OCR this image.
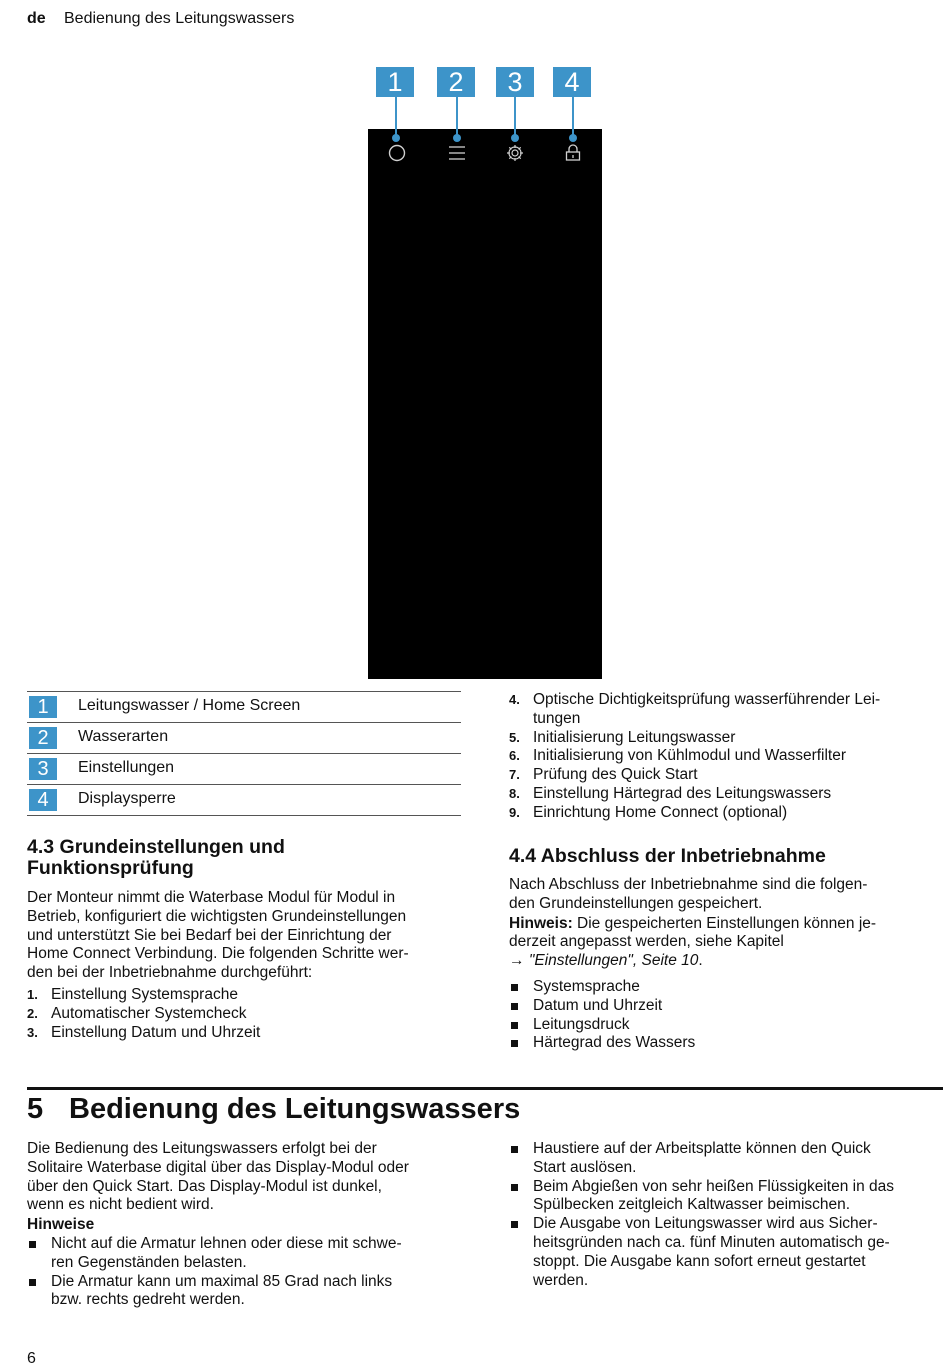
de Bedienung des Leitungswassers
1	2	3	4
1	Leitungswasser / Home Screen
2	Wasserarten
3	Einstellungen
4	Displaysperre
4.3 Grundeinstellungen und
Funktionsprüfung

Der Monteur nimmt die Waterbase Modul für Modul in
Betrieb, konfiguriert die wichtigsten Grundeinstellungen
und unterstützt Sie bei Bedarf bei der Einrichtung der
Home Connect Verbindung. Die folgenden Schritte wer-
den bei der Inbetriebnahme durchgeführt:

1. Einstellung Systemsprache
2. Automatischer Systemcheck
3. Einstellung Datum und Uhrzeit
4. Optische Dichtigkeitsprüfung wasserführender Lei-
tungen
5. Initialisierung Leitungswasser
6. Initialisierung von Kühlmodul und Wasserfilter
7. Prüfung des Quick Start
8. Einstellung Härtegrad des Leitungswassers
9. Einrichtung Home Connect (optional)
4.4 Abschluss der Inbetriebnahme

Nach Abschluss der Inbetriebnahme sind die folgen-
den Grundeinstellungen gespeichert.

Hinweis: Die gespeicherten Einstellungen können je-
derzeit angepasst werden, siehe Kapitel
→ "Einstellungen", Seite 10.

Systemsprache
Datum und Uhrzeit
Leitungsdruck
Härtegrad des Wassers
5 Bedienung des Leitungswassers

Die Bedienung des Leitungswassers erfolgt bei der
Solitaire Waterbase digital über das Display-Modul oder
über den Quick Start. Das Display-Modul ist dunkel,
wenn es nicht bedient wird.

Hinweise
Nicht auf die Armatur lehnen oder diese mit schwe-
ren Gegenständen belasten.
Die Armatur kann um maximal 85 Grad nach links
bzw. rechts gedreht werden.
Haustiere auf der Arbeitsplatte können den Quick
Start auslösen.
Beim Abgießen von sehr heißen Flüssigkeiten in das
Spülbecken zeitgleich Kaltwasser beimischen.
Die Ausgabe von Leitungswasser wird aus Sicher-
heitsgründen nach ca. fünf Minuten automatisch ge-
stoppt. Die Ausgabe kann sofort erneut gestartet
werden.
6
